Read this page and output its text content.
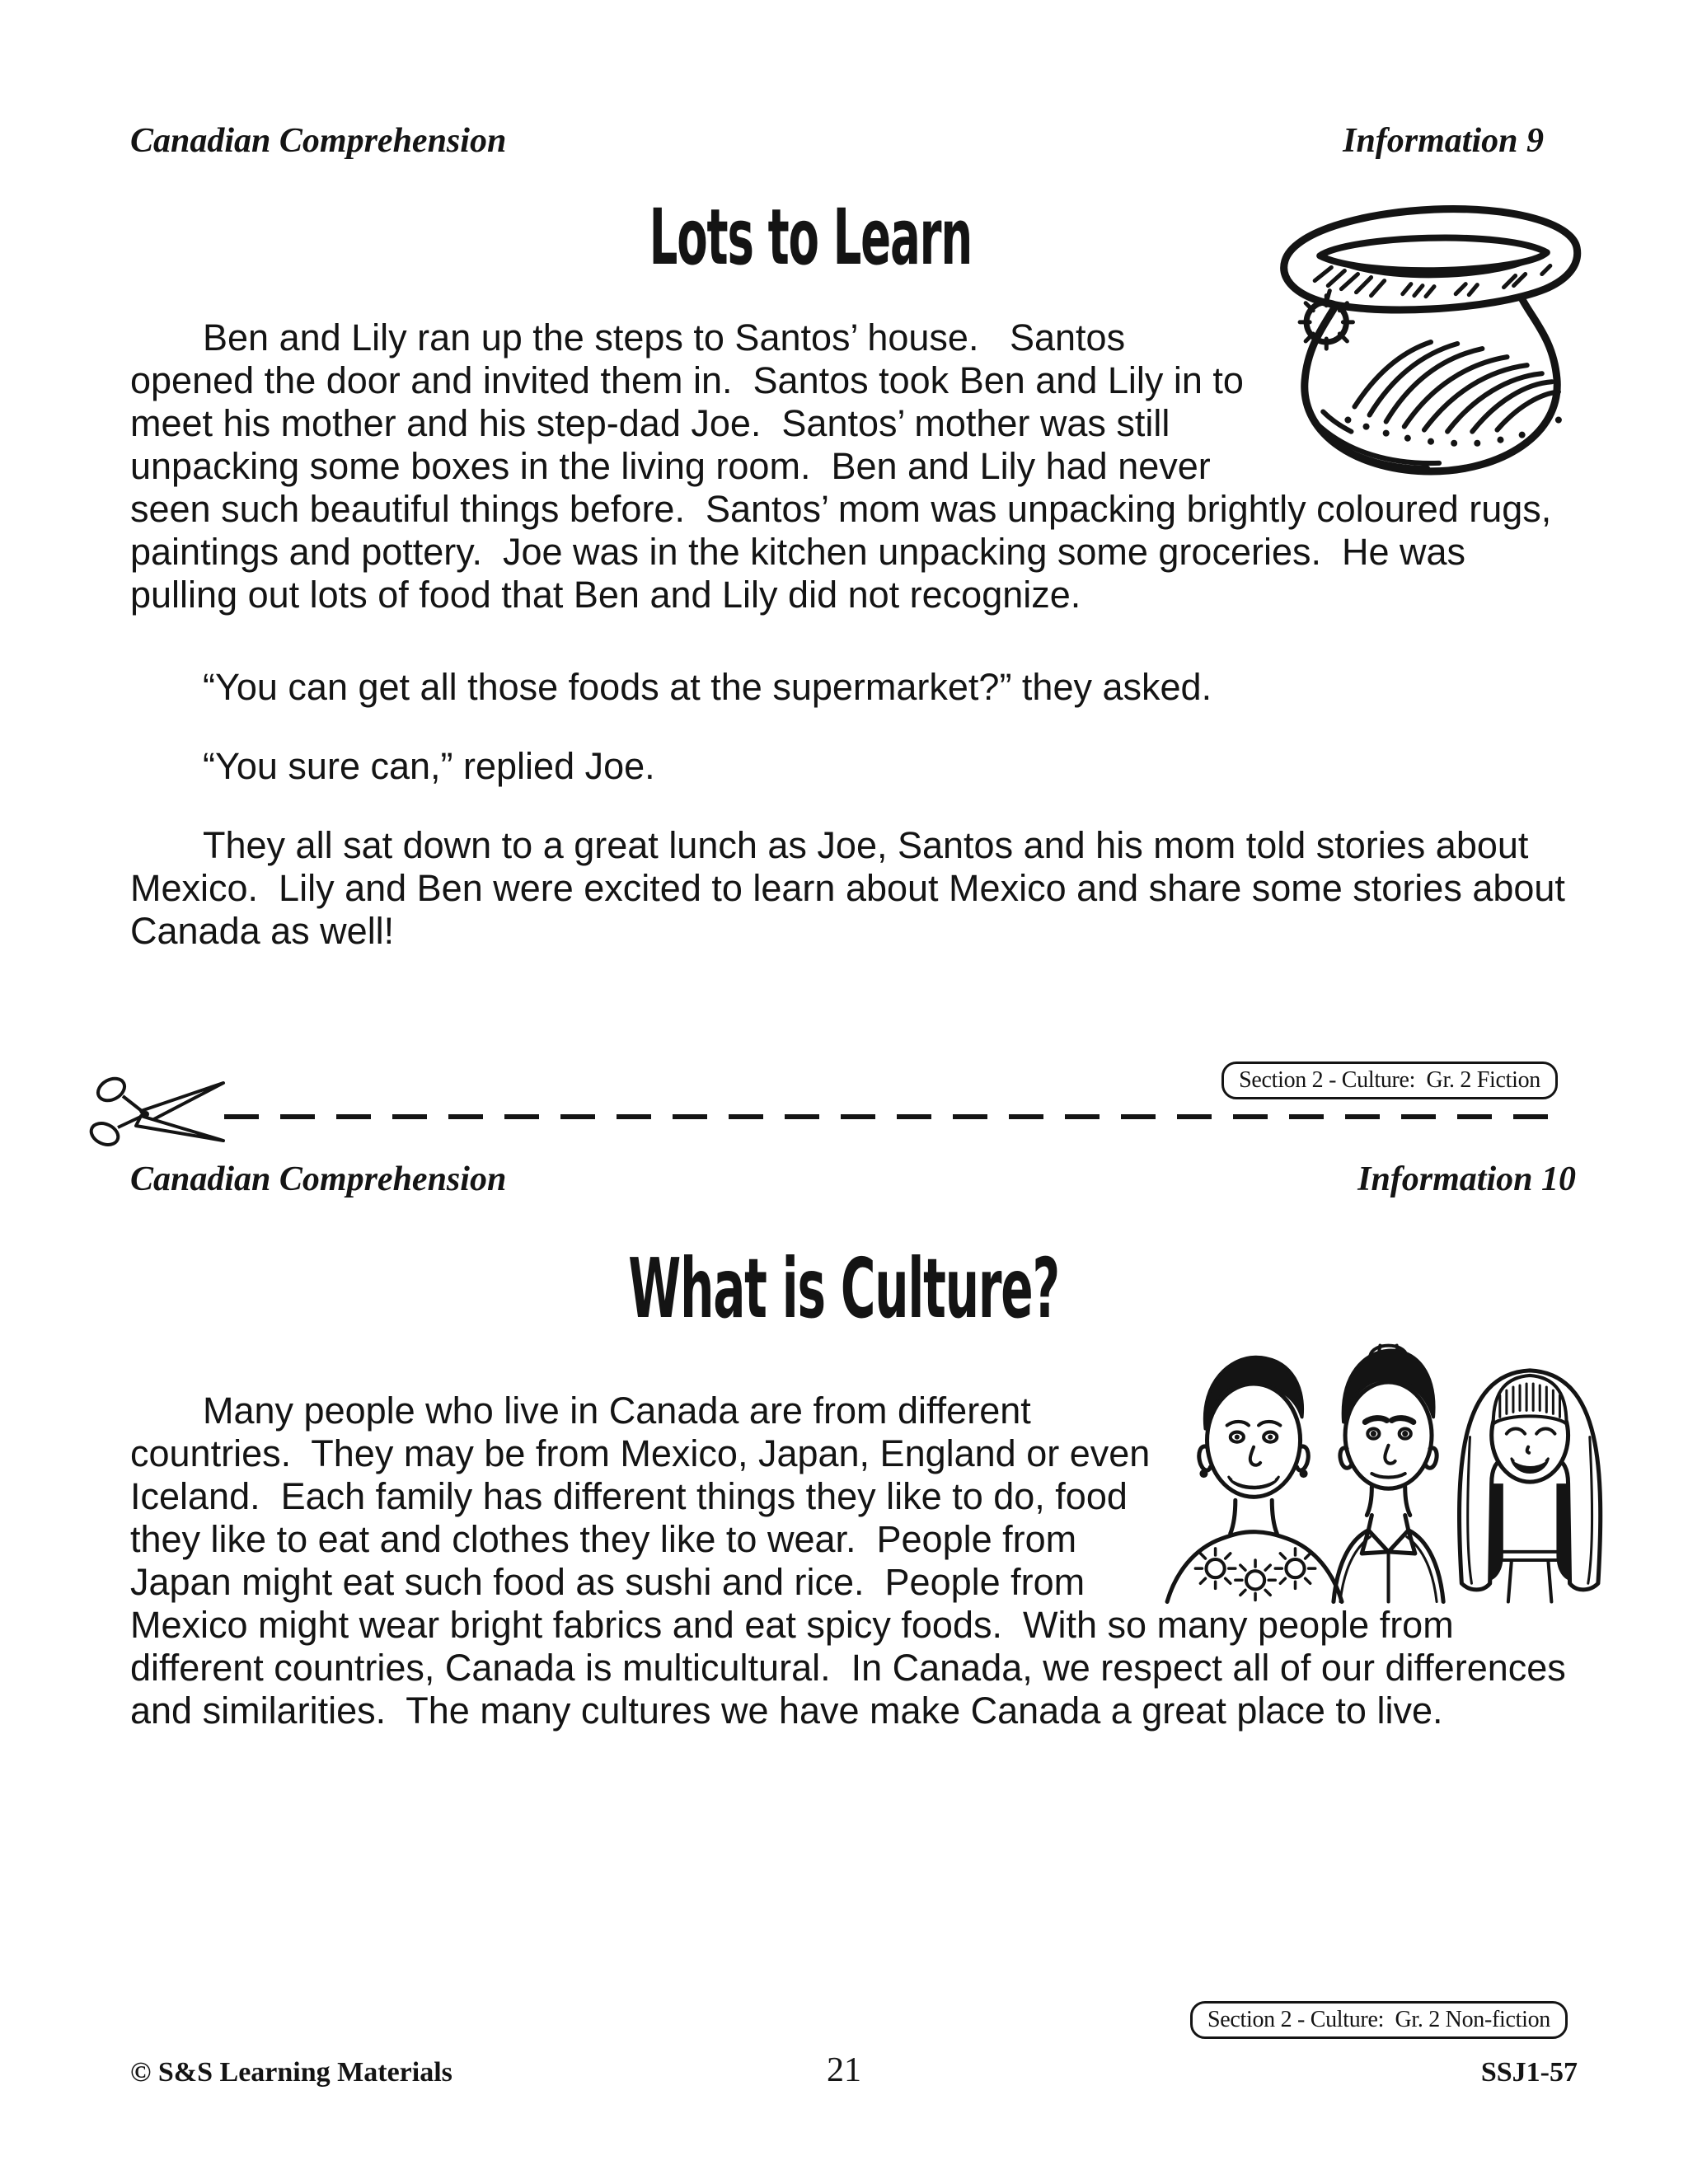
Canadian Comprehension	Information 9
Lots to Learn

Ben and Lily ran up the steps to Santos’ house.   Santos opened the door and invited them in.  Santos took Ben and Lily in to meet his mother and his step-dad Joe.  Santos’ mother was still unpacking some boxes in the living room.  Ben and Lily had never seen such beautiful things before.  Santos’ mom was unpacking brightly coloured rugs, paintings and pottery.  Joe was in the kitchen unpacking some groceries.  He was pulling out lots of food that Ben and Lily did not recognize.

“You can get all those foods at the supermarket?” they asked.

“You sure can,” replied Joe.

They all sat down to a great lunch as Joe, Santos and his mom told stories about Mexico.  Lily and Ben were excited to learn about Mexico and share some stories about Canada as well!

Section 2 - Culture:  Gr. 2 Fiction
Canadian Comprehension	Information 10
What is Culture?

Many people who live in Canada are from different countries.  They may be from Mexico, Japan, England or even Iceland.  Each family has different things they like to do, food they like to eat and clothes they like to wear.  People from Japan might eat such food as sushi and rice.  People from Mexico might wear bright fabrics and eat spicy foods.  With so many people from different countries, Canada is multicultural.  In Canada, we respect all of our differences and similarities.  The many cultures we have make Canada a great place to live.

Section 2 - Culture:  Gr. 2 Non-fiction
© S&S Learning Materials	21	SSJ1-57
